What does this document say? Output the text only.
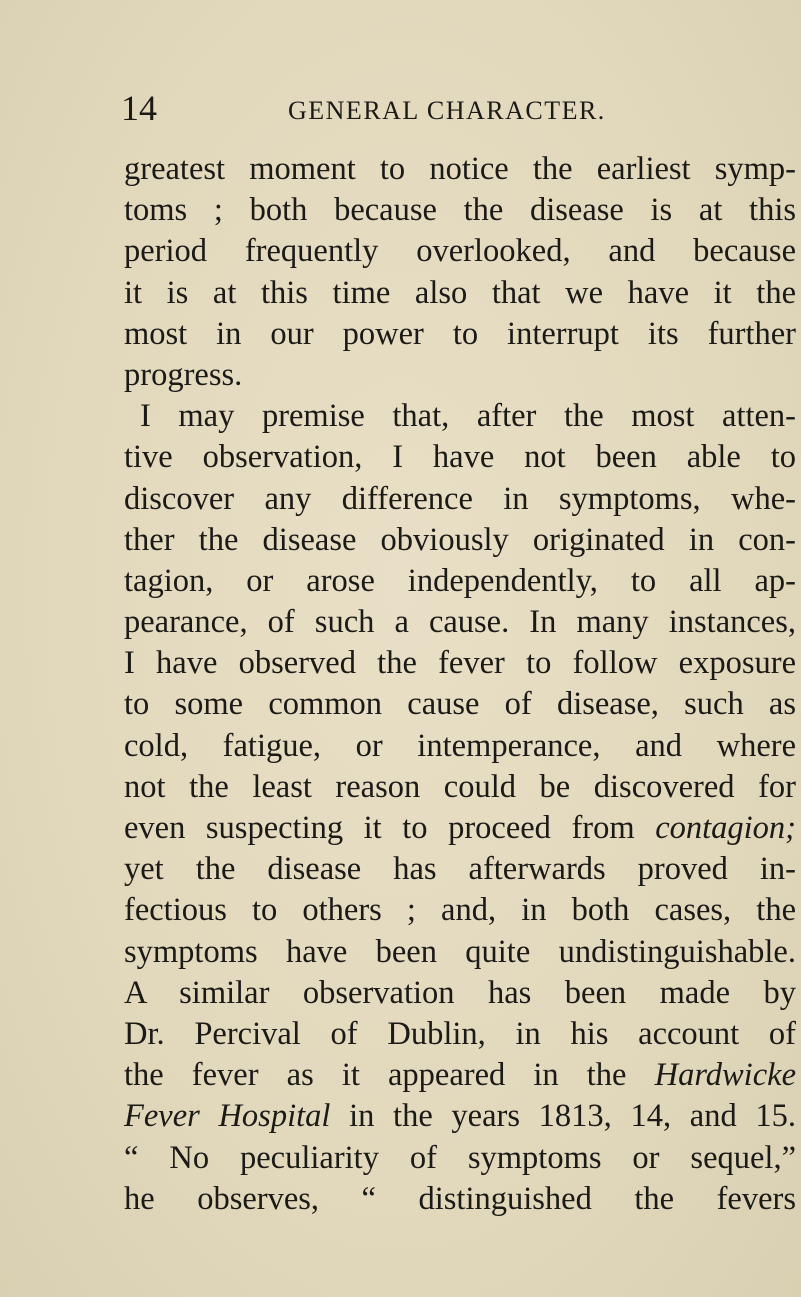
14	GENERAL CHARACTER.
greatest moment to notice the earliest symp-
toms ; both because the disease is at this
period frequently overlooked, and because
it is at this time also that we have it the
most in our power to interrupt its further
progress.
I may premise that, after the most atten-
tive observation, I have not been able to
discover any difference in symptoms, whe-
ther the disease obviously originated in con-
tagion, or arose independently, to all ap-
pearance, of such a cause. In many instances,
I have observed the fever to follow exposure
to some common cause of disease, such as
cold, fatigue, or intemperance, and where
not the least reason could be discovered for
even suspecting it to proceed from contagion;
yet the disease has afterwards proved in-
fectious to others ; and, in both cases, the
symptoms have been quite undistinguishable.
A similar observation has been made by
Dr. Percival of Dublin, in his account of
the fever as it appeared in the Hardwicke
Fever Hospital in the years 1813, 14, and 15.
“ No peculiarity of symptoms or sequel,”
he observes, “ distinguished the fevers
